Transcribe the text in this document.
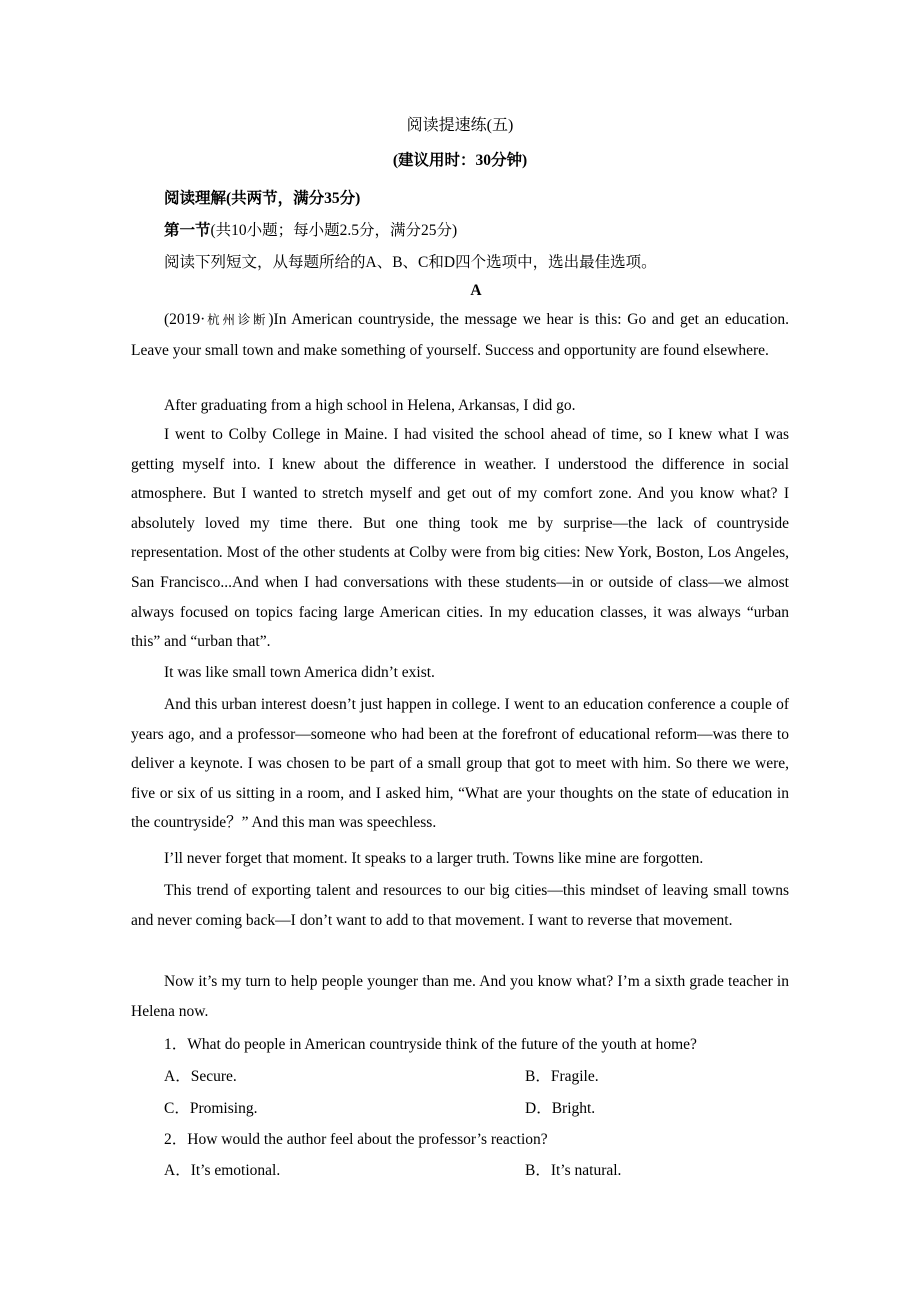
阅读提速练(五)
(建议用时：30分钟)
阅读理解(共两节，满分35分)
第一节(共10小题；每小题2.5分，满分25分)
阅读下列短文，从每题所给的A、B、C和D四个选项中，选出最佳选项。
A

(2019·杭州诊断)In American countryside, the message we hear is this: Go and get an education. Leave your small town and make something of yourself. Success and opportunity are found elsewhere.

After graduating from a high school in Helena, Arkansas, I did go.

I went to Colby College in Maine. I had visited the school ahead of time, so I knew what I was getting myself into. I knew about the difference in weather. I understood the difference in social atmosphere. But I wanted to stretch myself and get out of my comfort zone. And you know what? I absolutely loved my time there. But one thing took me by surprise—the lack of countryside representation. Most of the other students at Colby were from big cities: New York, Boston, Los Angeles, San Francisco...And when I had conversations with these students—in or outside of class—we almost always focused on topics facing large American cities. In my education classes, it was always “urban this” and “urban that”.

It was like small town America didn’t exist.

And this urban interest doesn’t just happen in college. I went to an education conference a couple of years ago, and a professor—someone who had been at the forefront of educational reform—was there to deliver a keynote. I was chosen to be part of a small group that got to meet with him. So there we were, five or six of us sitting in a room, and I asked him, “What are your thoughts on the state of education in the countryside？” And this man was speechless.

I’ll never forget that moment. It speaks to a larger truth. Towns like mine are forgotten.

This trend of exporting talent and resources to our big cities—this mindset of leaving small towns and never coming back—I don’t want to add to that movement. I want to reverse that movement.

Now it’s my turn to help people younger than me. And you know what? I’m a sixth grade teacher in Helena now.

1．What do people in American countryside think of the future of the youth at home?
A．Secure.	B．Fragile.
C．Promising.	D．Bright.
2．How would the author feel about the professor’s reaction?
A．It’s emotional.	B．It’s natural.
